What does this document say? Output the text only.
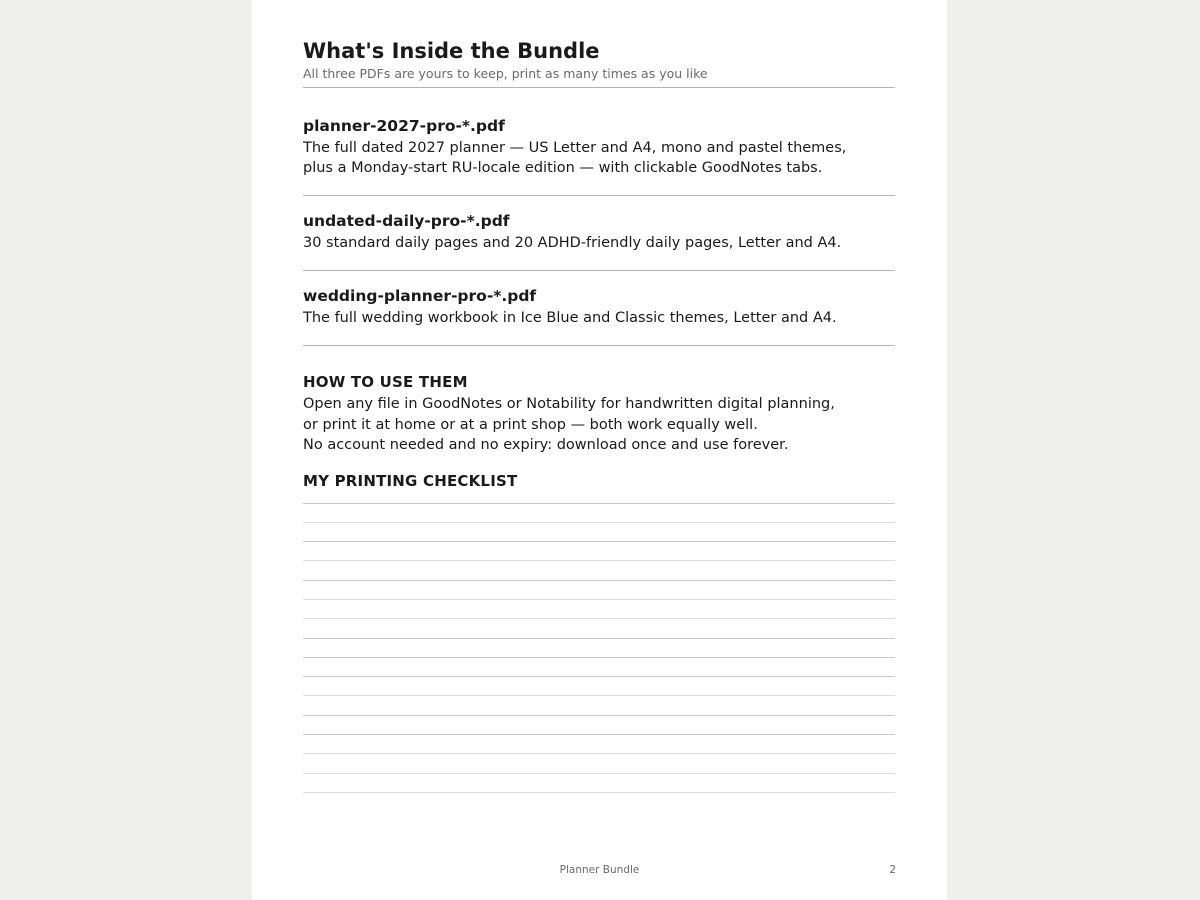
What's Inside the Bundle
All three PDFs are yours to keep, print as many times as you like
planner-2027-pro-*.pdf
The full dated 2027 planner — US Letter and A4, mono and pastel themes,
plus a Monday-start RU-locale edition — with clickable GoodNotes tabs.
undated-daily-pro-*.pdf
30 standard daily pages and 20 ADHD-friendly daily pages, Letter and A4.
wedding-planner-pro-*.pdf
The full wedding workbook in Ice Blue and Classic themes, Letter and A4.
HOW TO USE THEM
Open any file in GoodNotes or Notability for handwritten digital planning,
or print it at home or at a print shop — both work equally well.
No account needed and no expiry: download once and use forever.
MY PRINTING CHECKLIST
Planner Bundle	2
